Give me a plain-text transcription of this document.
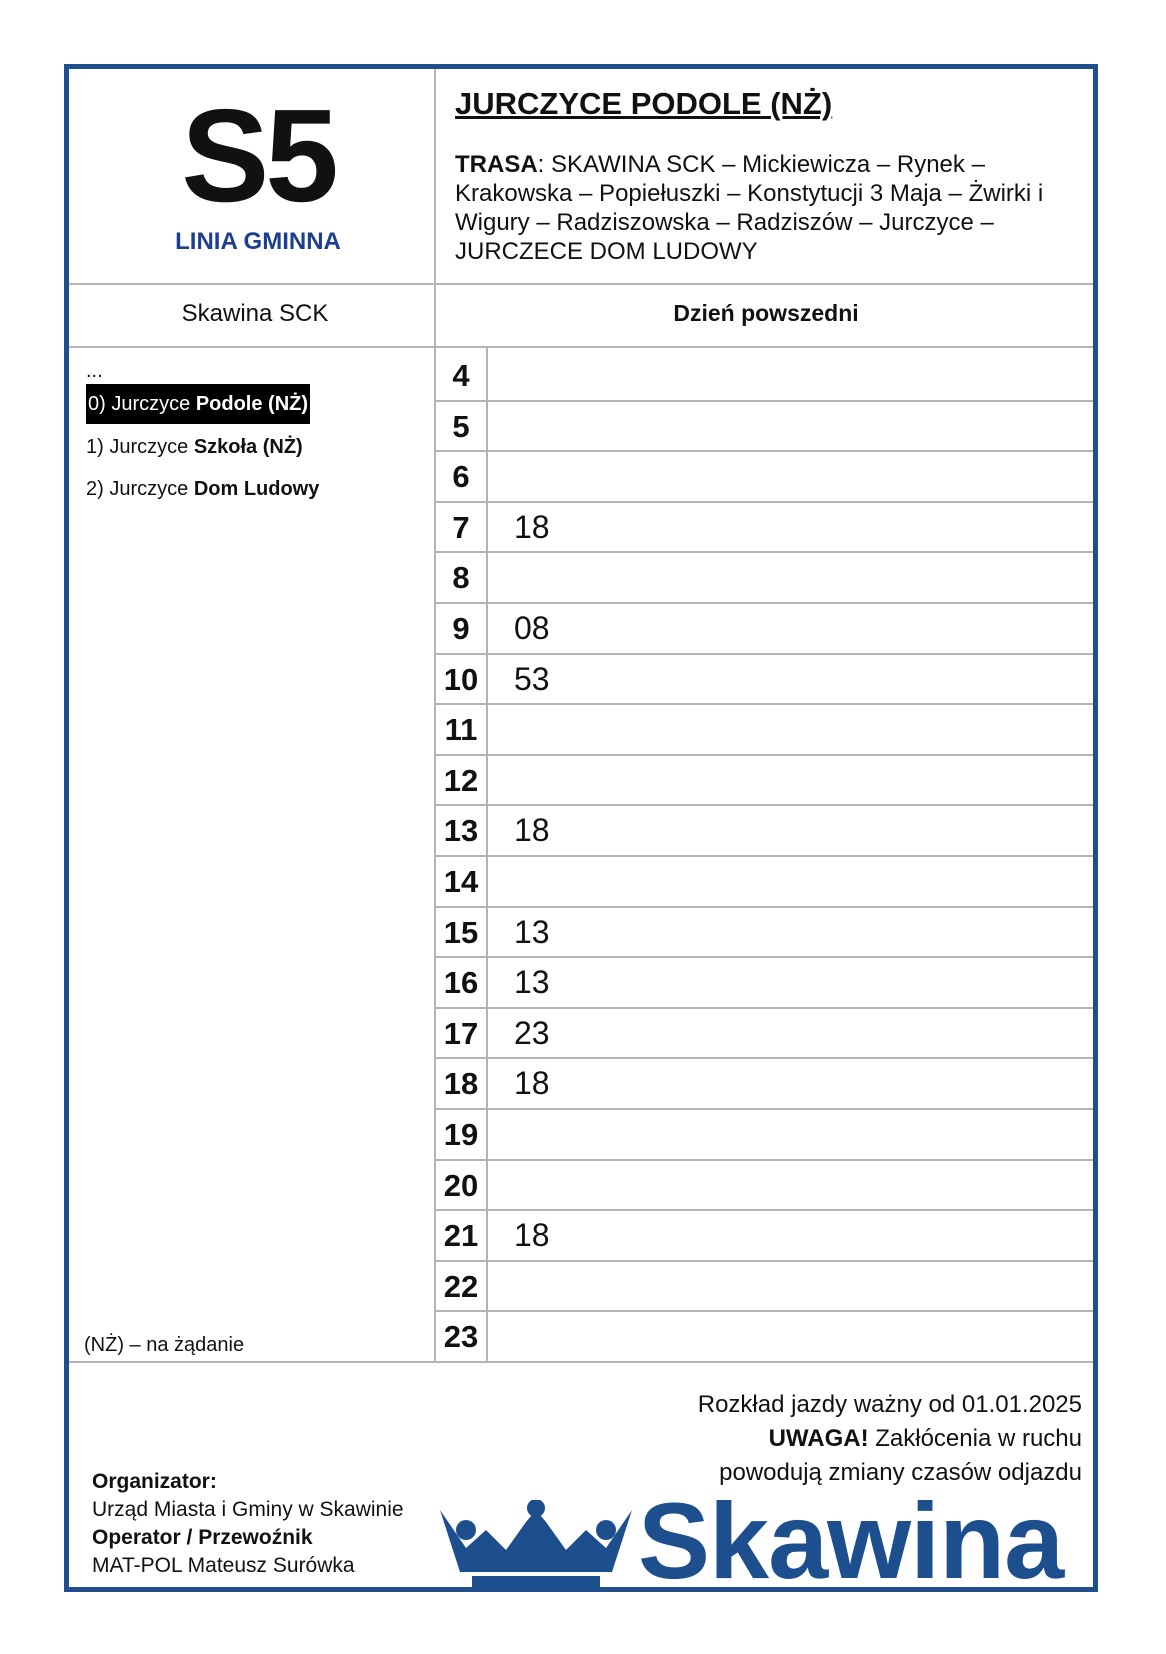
S5
LINIA GMINNA
JURCZYCE PODOLE (NŻ)
TRASA: SKAWINA SCK – Mickiewicza – Rynek – Krakowska – Popiełuszki – Konstytucji 3 Maja – Żwirki i Wigury – Radziszowska – Radziszów – Jurczyce – JURCZECE DOM LUDOWY
Skawina SCK	Dzień powszedni
...
0) Jurczyce Podole (NŻ)
1) Jurczyce Szkoła (NŻ)
2) Jurczyce Dom Ludowy
(NŻ) – na żądanie
4
5
6
7	18
8
9	08
10 53
11
12
13 18
14
15 13
16 13
17 23
18 18
19
20
21 18
22
23
Rozkład jazdy ważny od 01.01.2025
UWAGA! Zakłócenia w ruchu
powodują zmiany czasów odjazdu
Organizator:
Urząd Miasta i Gminy w Skawinie
Operator / Przewoźnik
MAT-POL Mateusz Surówka	Skawina
